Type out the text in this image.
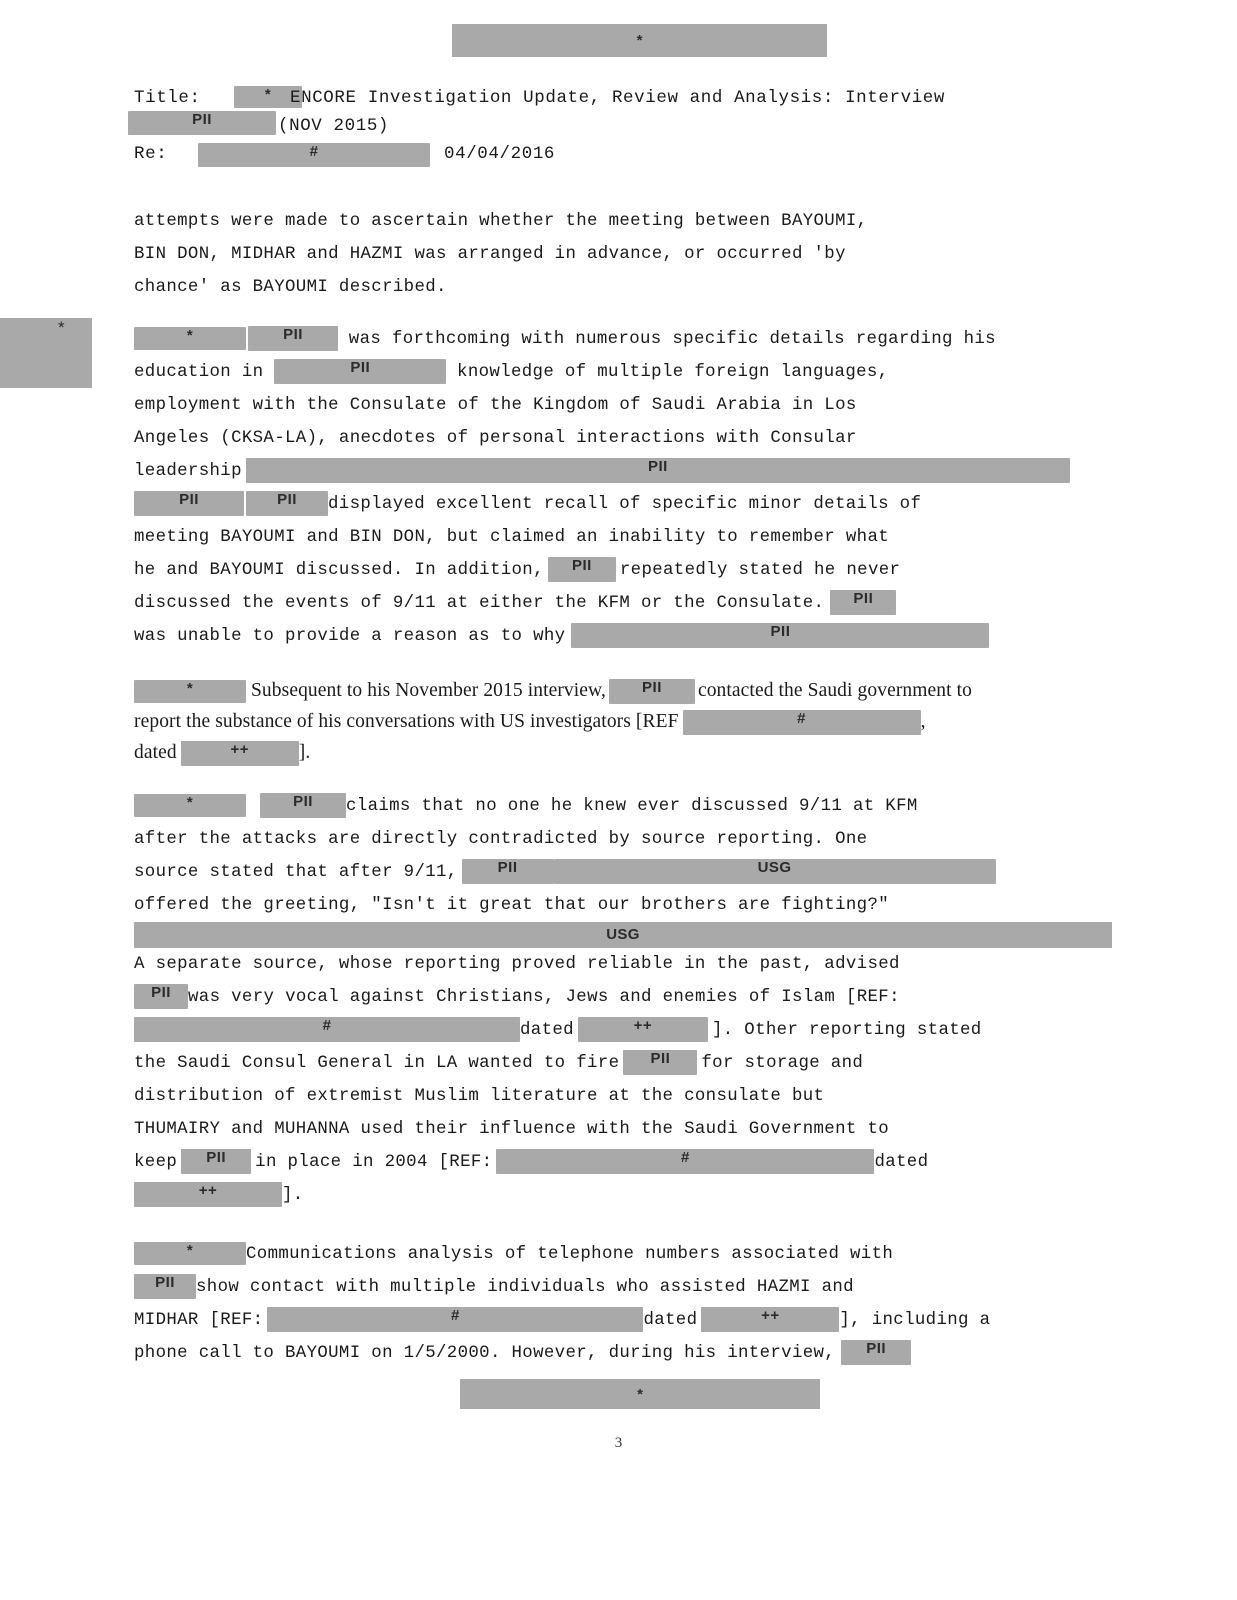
*
*
Title:	*	ENCORE Investigation Update, Review and Analysis: Interview
PII	(NOV 2015)
Re:	#	04/04/2016
attempts were made to ascertain whether the meeting between BAYOUMI,
BIN DON, MIDHAR and HAZMI was arranged in advance, or occurred 'by
chance' as BAYOUMI described.
*	PII	was forthcoming with numerous specific details regarding his
education in	PII	knowledge of multiple foreign languages,
employment with the Consulate of the Kingdom of Saudi Arabia in Los
Angeles (CKSA-LA), anecdotes of personal interactions with Consular
leadership	PII
PII	PII displayed excellent recall of specific minor details of
meeting BAYOUMI and BIN DON, but claimed an inability to remember what
he and BAYOUMI discussed. In addition, PII repeatedly stated he never
discussed the events of 9/11 at either the KFM or the Consulate. PII
was unable to provide a reason as to why	PII
*	Subsequent to his November 2015 interview, PII contacted the Saudi government to
report the substance of his conversations with US investigators [REF	#	,
dated	++	].
*	PII claims that no one he knew ever discussed 9/11 at KFM
after the attacks are directly contradicted by source reporting. One
source stated that after 9/11,	PII	USG
offered the greeting, "Isn't it great that our brothers are fighting?"

USG
A separate source, whose reporting proved reliable in the past, advised
PII was very vocal against Christians, Jews and enemies of Islam [REF:
#	dated	++	]. Other reporting stated
the Saudi Consul General in LA wanted to fire PII for storage and
distribution of extremist Muslim literature at the consulate but
THUMAIRY and MUHANNA used their influence with the Saudi Government to
keep PII in place in 2004 [REF:	#	dated
++	].
*	Communications analysis of telephone numbers associated with
PII show contact with multiple individuals who assisted HAZMI and
MIDHAR [REF:	#	dated	++	], including a
phone call to BAYOUMI on 1/5/2000. However, during his interview, PII
*
3
